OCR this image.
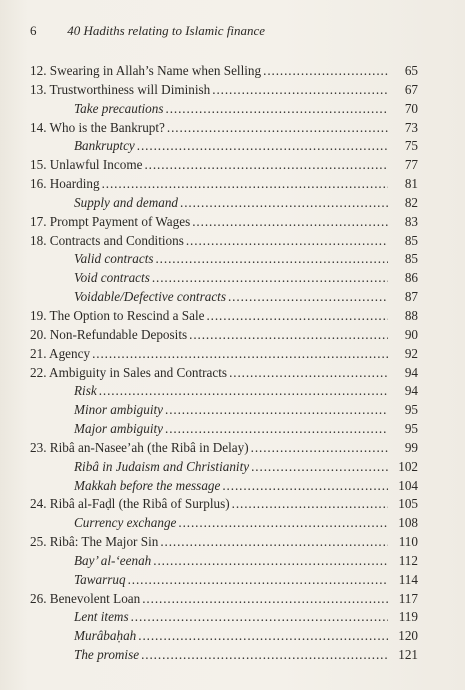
6 40 Hadiths relating to Islamic finance
12. Swearing in Allah’s Name when Selling . . .	65
13. Trustworthiness will Diminish . . .	67
Take precautions . . .	70
14. Who is the Bankrupt? . . .	73
Bankruptcy . . .	75
15. Unlawful Income . . .	77
16. Hoarding . . .	81
Supply and demand . . .	82
17. Prompt Payment of Wages . . .	83
18. Contracts and Conditions . . .	85
Valid contracts . . .	85
Void contracts . . .	86
Voidable/Defective contracts . . .	87
19. The Option to Rescind a Sale . . .	88
20. Non-Refundable Deposits . . .	90
21. Agency . . .	92
22. Ambiguity in Sales and Contracts . . .	94
Risk . . .	94
Minor ambiguity . . .	95
Major ambiguity . . .	95
23. Ribâ an-Nasee’ah (the Ribâ in Delay) . . .	99
Ribâ in Judaism and Christianity . . .	102
Makkah before the message . . .	104
24. Ribâ al-Faḍl (the Ribâ of Surplus) . . .	105
Currency exchange . . .	108
25. Ribâ: The Major Sin . . .	110
Bay’ al-‘eenah . . .	112
Tawarruq . . .	114
26. Benevolent Loan . . .	117
Lent items . . .	119
Murâbaḥah . . .	120
The promise . . .	121
